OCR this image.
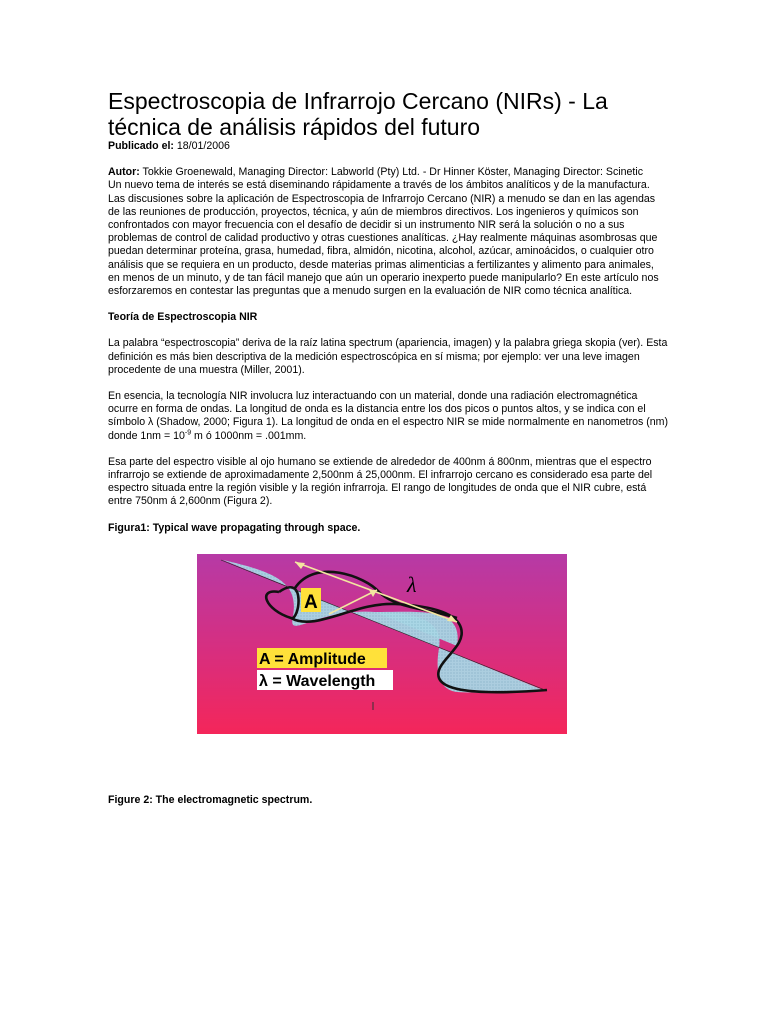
Espectroscopia de Infrarrojo Cercano (NIRs) - La técnica de análisis rápidos del futuro

Publicado el: 18/01/2006

Autor: Tokkie Groenewald, Managing Director: Labworld (Pty) Ltd. - Dr Hinner Köster, Managing Director: Scinetic

Un nuevo tema de interés se está diseminando rápidamente a través de los ámbitos analíticos y de la manufactura. Las discusiones sobre la aplicación de Espectroscopia de Infrarrojo Cercano (NIR) a menudo se dan en las agendas de las reuniones de producción, proyectos, técnica, y aún de miembros directivos. Los ingenieros y químicos son confrontados con mayor frecuencia con el desafío de decidir si un instrumento NIR será la solución o no a sus problemas de control de calidad productivo y otras cuestiones analíticas. ¿Hay realmente máquinas asombrosas que puedan determinar proteína, grasa, humedad, fibra, almidón, nicotina, alcohol, azúcar, aminoácidos, o cualquier otro análisis que se requiera en un producto, desde materias primas alimenticias a fertilizantes y alimento para animales, en menos de un minuto, y de tan fácil manejo que aún un operario inexperto puede manipularlo? En este artículo nos esforzaremos en contestar las preguntas que a menudo surgen en la evaluación de NIR como técnica analítica.

Teoría de Espectroscopia NIR

La palabra “espectroscopia” deriva de la raíz latina spectrum (apariencia, imagen) y la palabra griega skopia (ver). Esta definición es más bien descriptiva de la medición espectroscópica en sí misma; por ejemplo: ver una leve imagen procedente de una muestra (Miller, 2001).

En esencia, la tecnología NIR involucra luz interactuando con un material, donde una radiación electromagnética ocurre en forma de ondas. La longitud de onda es la distancia entre los dos picos o puntos altos, y se indica con el símbolo λ (Shadow, 2000; Figura 1). La longitud de onda en el espectro NIR se mide normalmente en nanometros (nm) donde $1nm = 10^{-9}$ m ó 1000nm = .001mm.

Esa parte del espectro visible al ojo humano se extiende de alrededor de 400nm á 800nm, mientras que el espectro infrarrojo se extiende de aproximadamente 2,500nm á 25,000nm. El infrarrojo cercano es considerado esa parte del espectro situada entre la región visible y la región infrarroja. El rango de longitudes de onda que el NIR cubre, está entre 750nm á 2,600nm (Figura 2).

Figura1: Typical wave propagating through space.

A
λ
A = Amplitude
λ = Wavelength

Figure 2: The electromagnetic spectrum.
